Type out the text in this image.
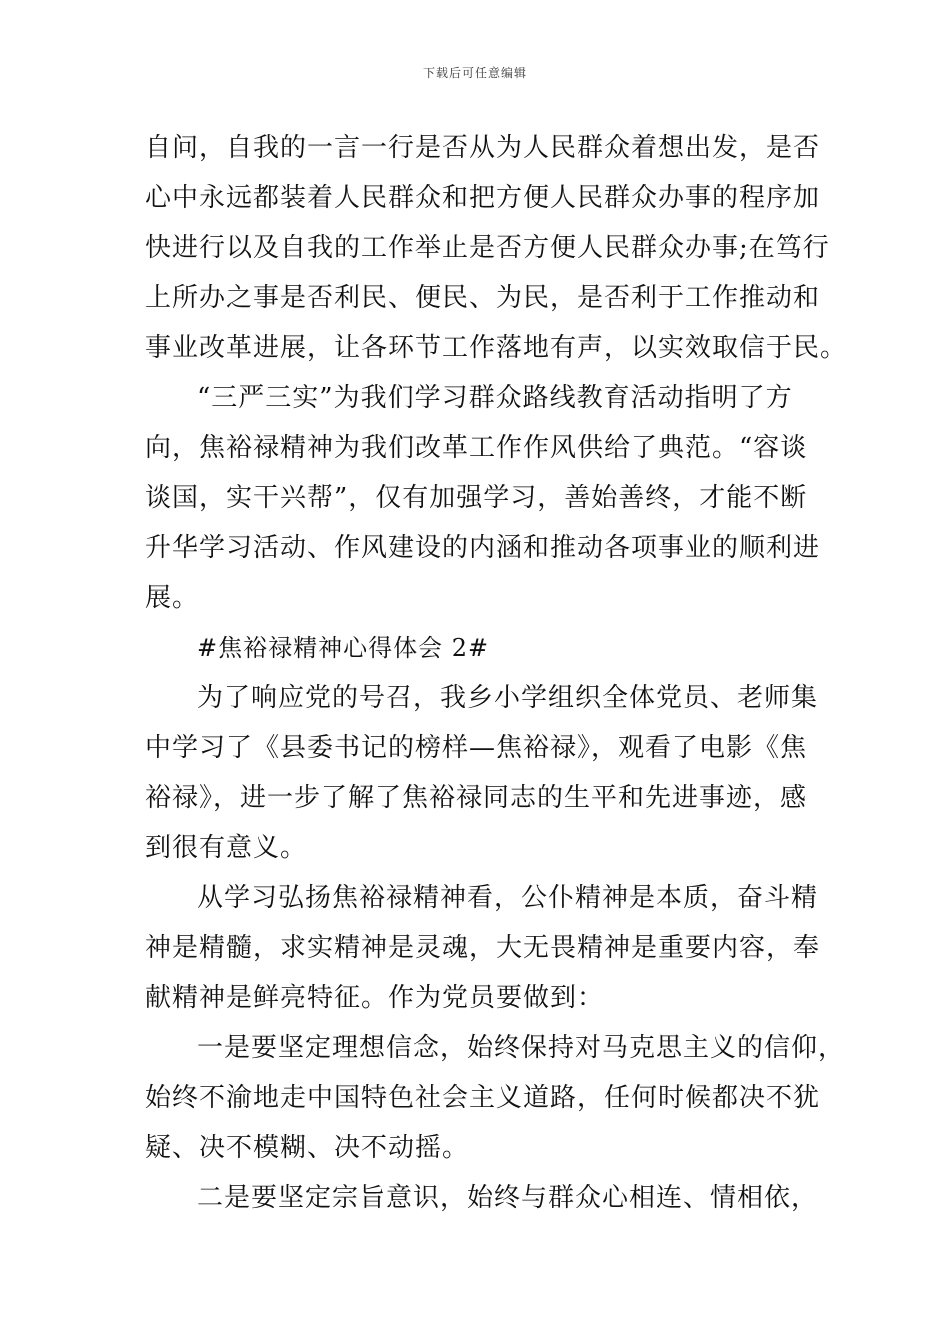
下载后可任意编辑
自问，自我的一言一行是否从为人民群众着想出发，是否
心中永远都装着人民群众和把方便人民群众办事的程序加
快进行以及自我的工作举止是否方便人民群众办事;在笃行
上所办之事是否利民、便民、为民，是否利于工作推动和
事业改革进展，让各环节工作落地有声，以实效取信于民。
“三严三实”为我们学习群众路线教育活动指明了方
向，焦裕禄精神为我们改革工作作风供给了典范。“容谈
谈国，实干兴帮”，仅有加强学习，善始善终，才能不断
升华学习活动、作风建设的内涵和推动各项事业的顺利进
展。
#焦裕禄精神心得体会 2#
为了响应党的号召，我乡小学组织全体党员、老师集
中学习了《县委书记的榜样—焦裕禄》，观看了电影《焦
裕禄》，进一步了解了焦裕禄同志的生平和先进事迹，感
到很有意义。
从学习弘扬焦裕禄精神看，公仆精神是本质，奋斗精
神是精髓，求实精神是灵魂，大无畏精神是重要内容，奉
献精神是鲜亮特征。作为党员要做到：
一是要坚定理想信念，始终保持对马克思主义的信仰，
始终不渝地走中国特色社会主义道路，任何时候都决不犹
疑、决不模糊、决不动摇。
二是要坚定宗旨意识，始终与群众心相连、情相依，
